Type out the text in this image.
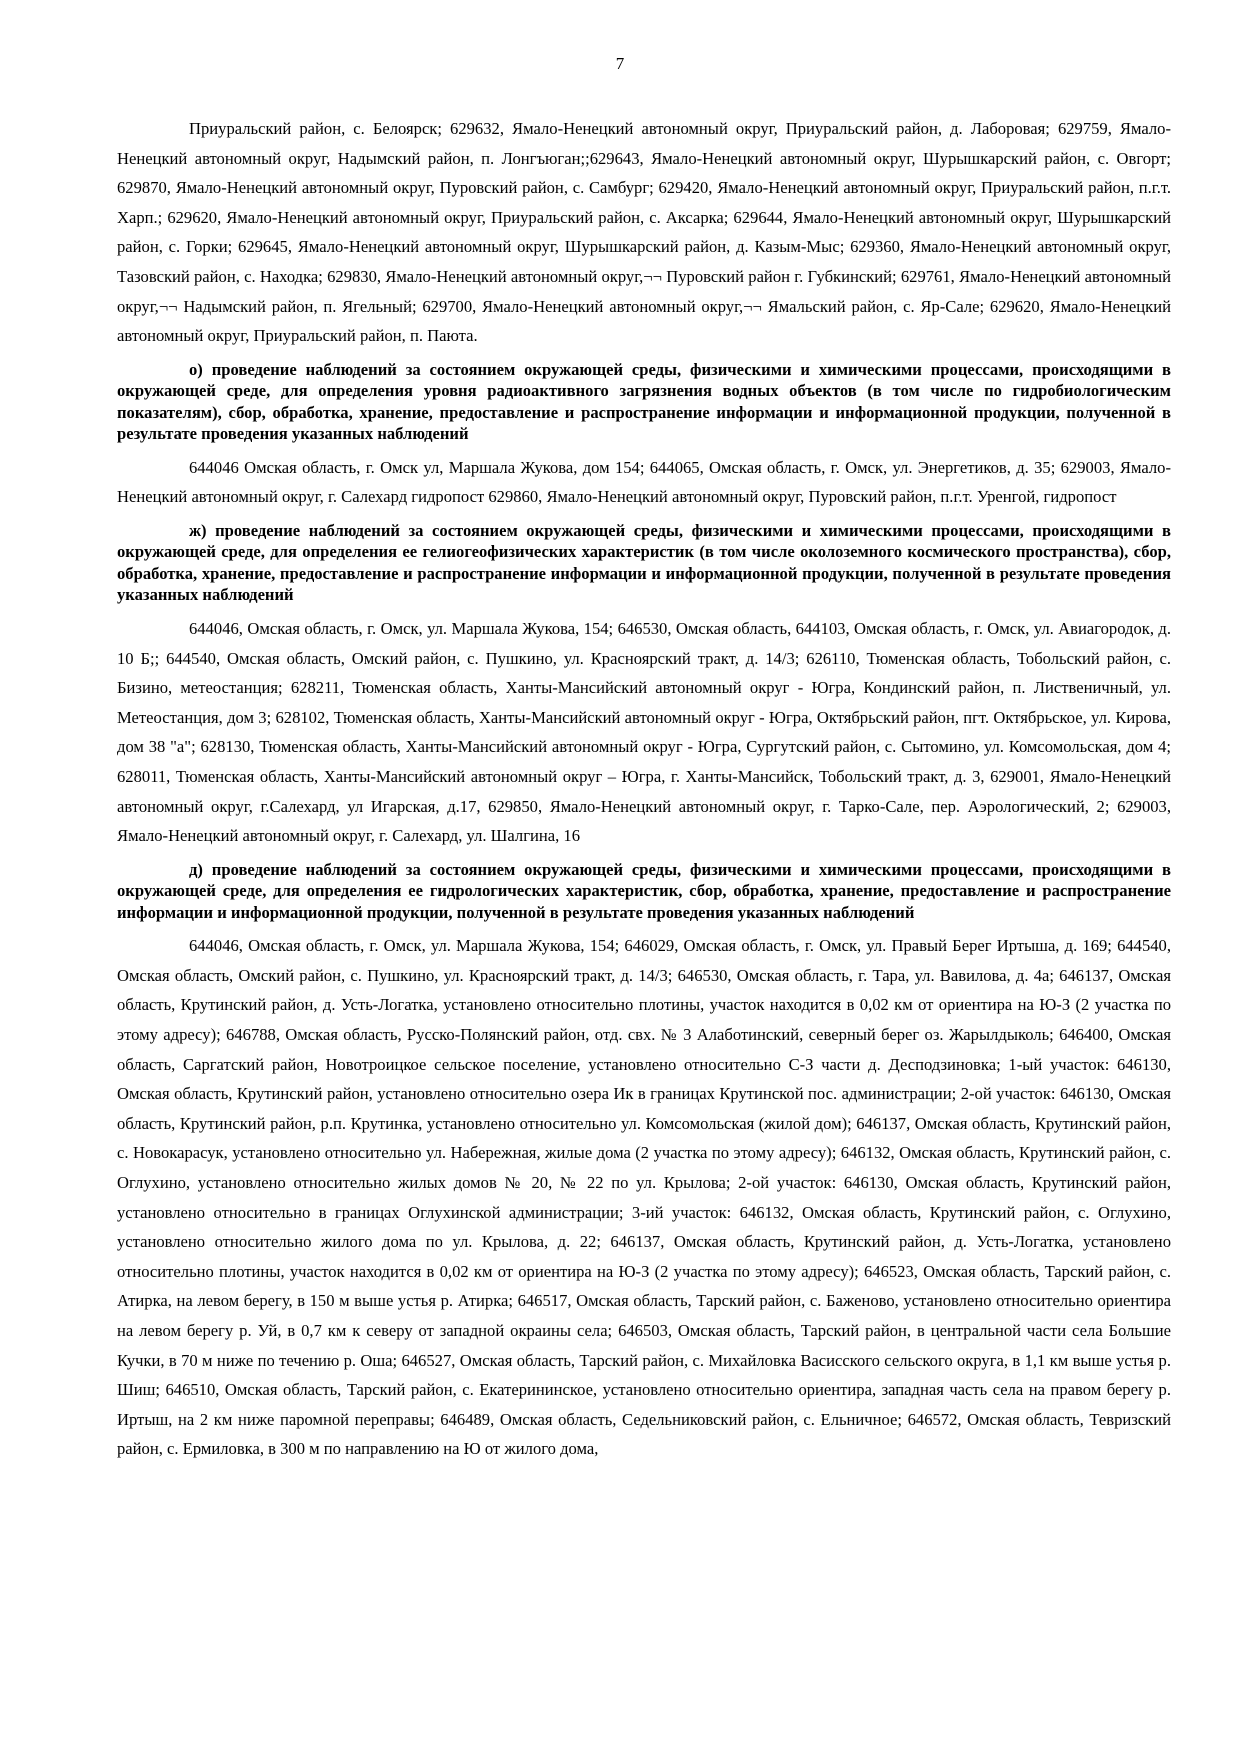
7

Приуральский район, с. Белоярск; 629632, Ямало-Ненецкий автономный округ, Приуральский район, д. Лаборовая; 629759, Ямало-Ненецкий автономный округ, Надымский район, п. Лонгъюган;;629643, Ямало-Ненецкий автономный округ, Шурышкарский район, с. Овгорт; 629870, Ямало-Ненецкий автономный округ, Пуровский район, с. Самбург; 629420, Ямало-Ненецкий автономный округ, Приуральский район, п.г.т. Харп.; 629620, Ямало-Ненецкий автономный округ, Приуральский район, с. Аксарка; 629644, Ямало-Ненецкий автономный округ, Шурышкарский район, с. Горки; 629645, Ямало-Ненецкий автономный округ, Шурышкарский район, д. Казым-Мыс; 629360, Ямало-Ненецкий автономный округ, Тазовский район, с. Находка; 629830, Ямало-Ненецкий автономный округ,¬¬ Пуровский район г. Губкинский; 629761, Ямало-Ненецкий автономный округ,¬¬ Надымский район, п. Ягельный; 629700, Ямало-Ненецкий автономный округ,¬¬ Ямальский район, с. Яр-Сале; 629620, Ямало-Ненецкий автономный округ, Приуральский район, п. Паюта.

о) проведение наблюдений за состоянием окружающей среды, физическими и химическими процессами, происходящими в окружающей среде, для определения уровня радиоактивного загрязнения водных объектов (в том числе по гидробиологическим показателям), сбор, обработка, хранение, предоставление и распространение информации и информационной продукции, полученной в результате проведения указанных наблюдений

644046 Омская область, г. Омск ул, Маршала Жукова, дом 154; 644065, Омская область, г. Омск, ул. Энергетиков, д. 35; 629003, Ямало-Ненецкий автономный округ, г. Салехард гидропост 629860, Ямало-Ненецкий автономный округ, Пуровский район, п.г.т. Уренгой, гидропост

ж) проведение наблюдений за состоянием окружающей среды, физическими и химическими процессами, происходящими в окружающей среде, для определения ее гелиогеофизических характеристик (в том числе околоземного космического пространства), сбор, обработка, хранение, предоставление и распространение информации и информационной продукции, полученной в результате проведения указанных наблюдений

644046, Омская область, г. Омск, ул. Маршала Жукова, 154; 646530, Омская область, 644103, Омская область, г. Омск, ул. Авиагородок, д. 10 Б;; 644540, Омская область, Омский район, с. Пушкино, ул. Красноярский тракт, д. 14/3; 626110, Тюменская область, Тобольский район, с. Бизино, метеостанция; 628211, Тюменская область, Ханты-Мансийский автономный округ - Югра, Кондинский район, п. Лиственичный, ул. Метеостанция, дом 3; 628102, Тюменская область, Ханты-Мансийский автономный округ - Югра, Октябрьский район, пгт. Октябрьское, ул. Кирова, дом 38 "а"; 628130, Тюменская область, Ханты-Мансийский автономный округ - Югра, Сургутский район, с. Сытомино, ул. Комсомольская, дом 4; 628011, Тюменская область, Ханты-Мансийский автономный округ – Югра, г. Ханты-Мансийск, Тобольский тракт, д. 3, 629001, Ямало-Ненецкий автономный округ, г.Салехард, ул Игарская, д.17, 629850, Ямало-Ненецкий автономный округ, г. Тарко-Сале, пер. Аэрологический, 2; 629003, Ямало-Ненецкий автономный округ, г. Салехард, ул. Шалгина, 16

д) проведение наблюдений за состоянием окружающей среды, физическими и химическими процессами, происходящими в окружающей среде, для определения ее гидрологических характеристик, сбор, обработка, хранение, предоставление и распространение информации и информационной продукции, полученной в результате проведения указанных наблюдений

644046, Омская область, г. Омск, ул. Маршала Жукова, 154; 646029, Омская область, г. Омск, ул. Правый Берег Иртыша, д. 169; 644540, Омская область, Омский район, с. Пушкино, ул. Красноярский тракт, д. 14/3; 646530, Омская область, г. Тара, ул. Вавилова, д. 4а; 646137, Омская область, Крутинский район, д. Усть-Логатка, установлено относительно плотины, участок находится в 0,02 км от ориентира на Ю-З (2 участка по этому адресу); 646788, Омская область, Русско-Полянский район, отд. свх. № 3 Алаботинский, северный берег оз. Жарылдыколь; 646400, Омская область, Саргатский район, Новотроицкое сельское поселение, установлено относительно С-З части д. Десподзиновка; 1-ый участок: 646130, Омская область, Крутинский район, установлено относительно озера Ик в границах Крутинской пос. администрации; 2-ой участок: 646130, Омская область, Крутинский район, р.п. Крутинка, установлено относительно ул. Комсомольская (жилой дом); 646137, Омская область, Крутинский район, с. Новокарасук, установлено относительно ул. Набережная, жилые дома (2 участка по этому адресу); 646132, Омская область, Крутинский район, с. Оглухино, установлено относительно жилых домов № 20, № 22 по ул. Крылова; 2-ой участок: 646130, Омская область, Крутинский район, установлено относительно в границах Оглухинской администрации; 3-ий участок: 646132, Омская область, Крутинский район, с. Оглухино, установлено относительно жилого дома по ул. Крылова, д. 22; 646137, Омская область, Крутинский район, д. Усть-Логатка, установлено относительно плотины, участок находится в 0,02 км от ориентира на Ю-З (2 участка по этому адресу); 646523, Омская область, Тарский район, с. Атирка, на левом берегу, в 150 м выше устья р. Атирка; 646517, Омская область, Тарский район, с. Баженово, установлено относительно ориентира на левом берегу р. Уй, в 0,7 км к северу от западной окраины села; 646503, Омская область, Тарский район, в центральной части села Большие Кучки, в 70 м ниже по течению р. Оша; 646527, Омская область, Тарский район, с. Михайловка Васисского сельского округа, в 1,1 км выше устья р. Шиш; 646510, Омская область, Тарский район, с. Екатерининское, установлено относительно ориентира, западная часть села на правом берегу р. Иртыш, на 2 км ниже паромной переправы; 646489, Омская область, Седельниковский район, с. Ельничное; 646572, Омская область, Тевризский район, с. Ермиловка, в 300 м по направлению на Ю от жилого дома,
